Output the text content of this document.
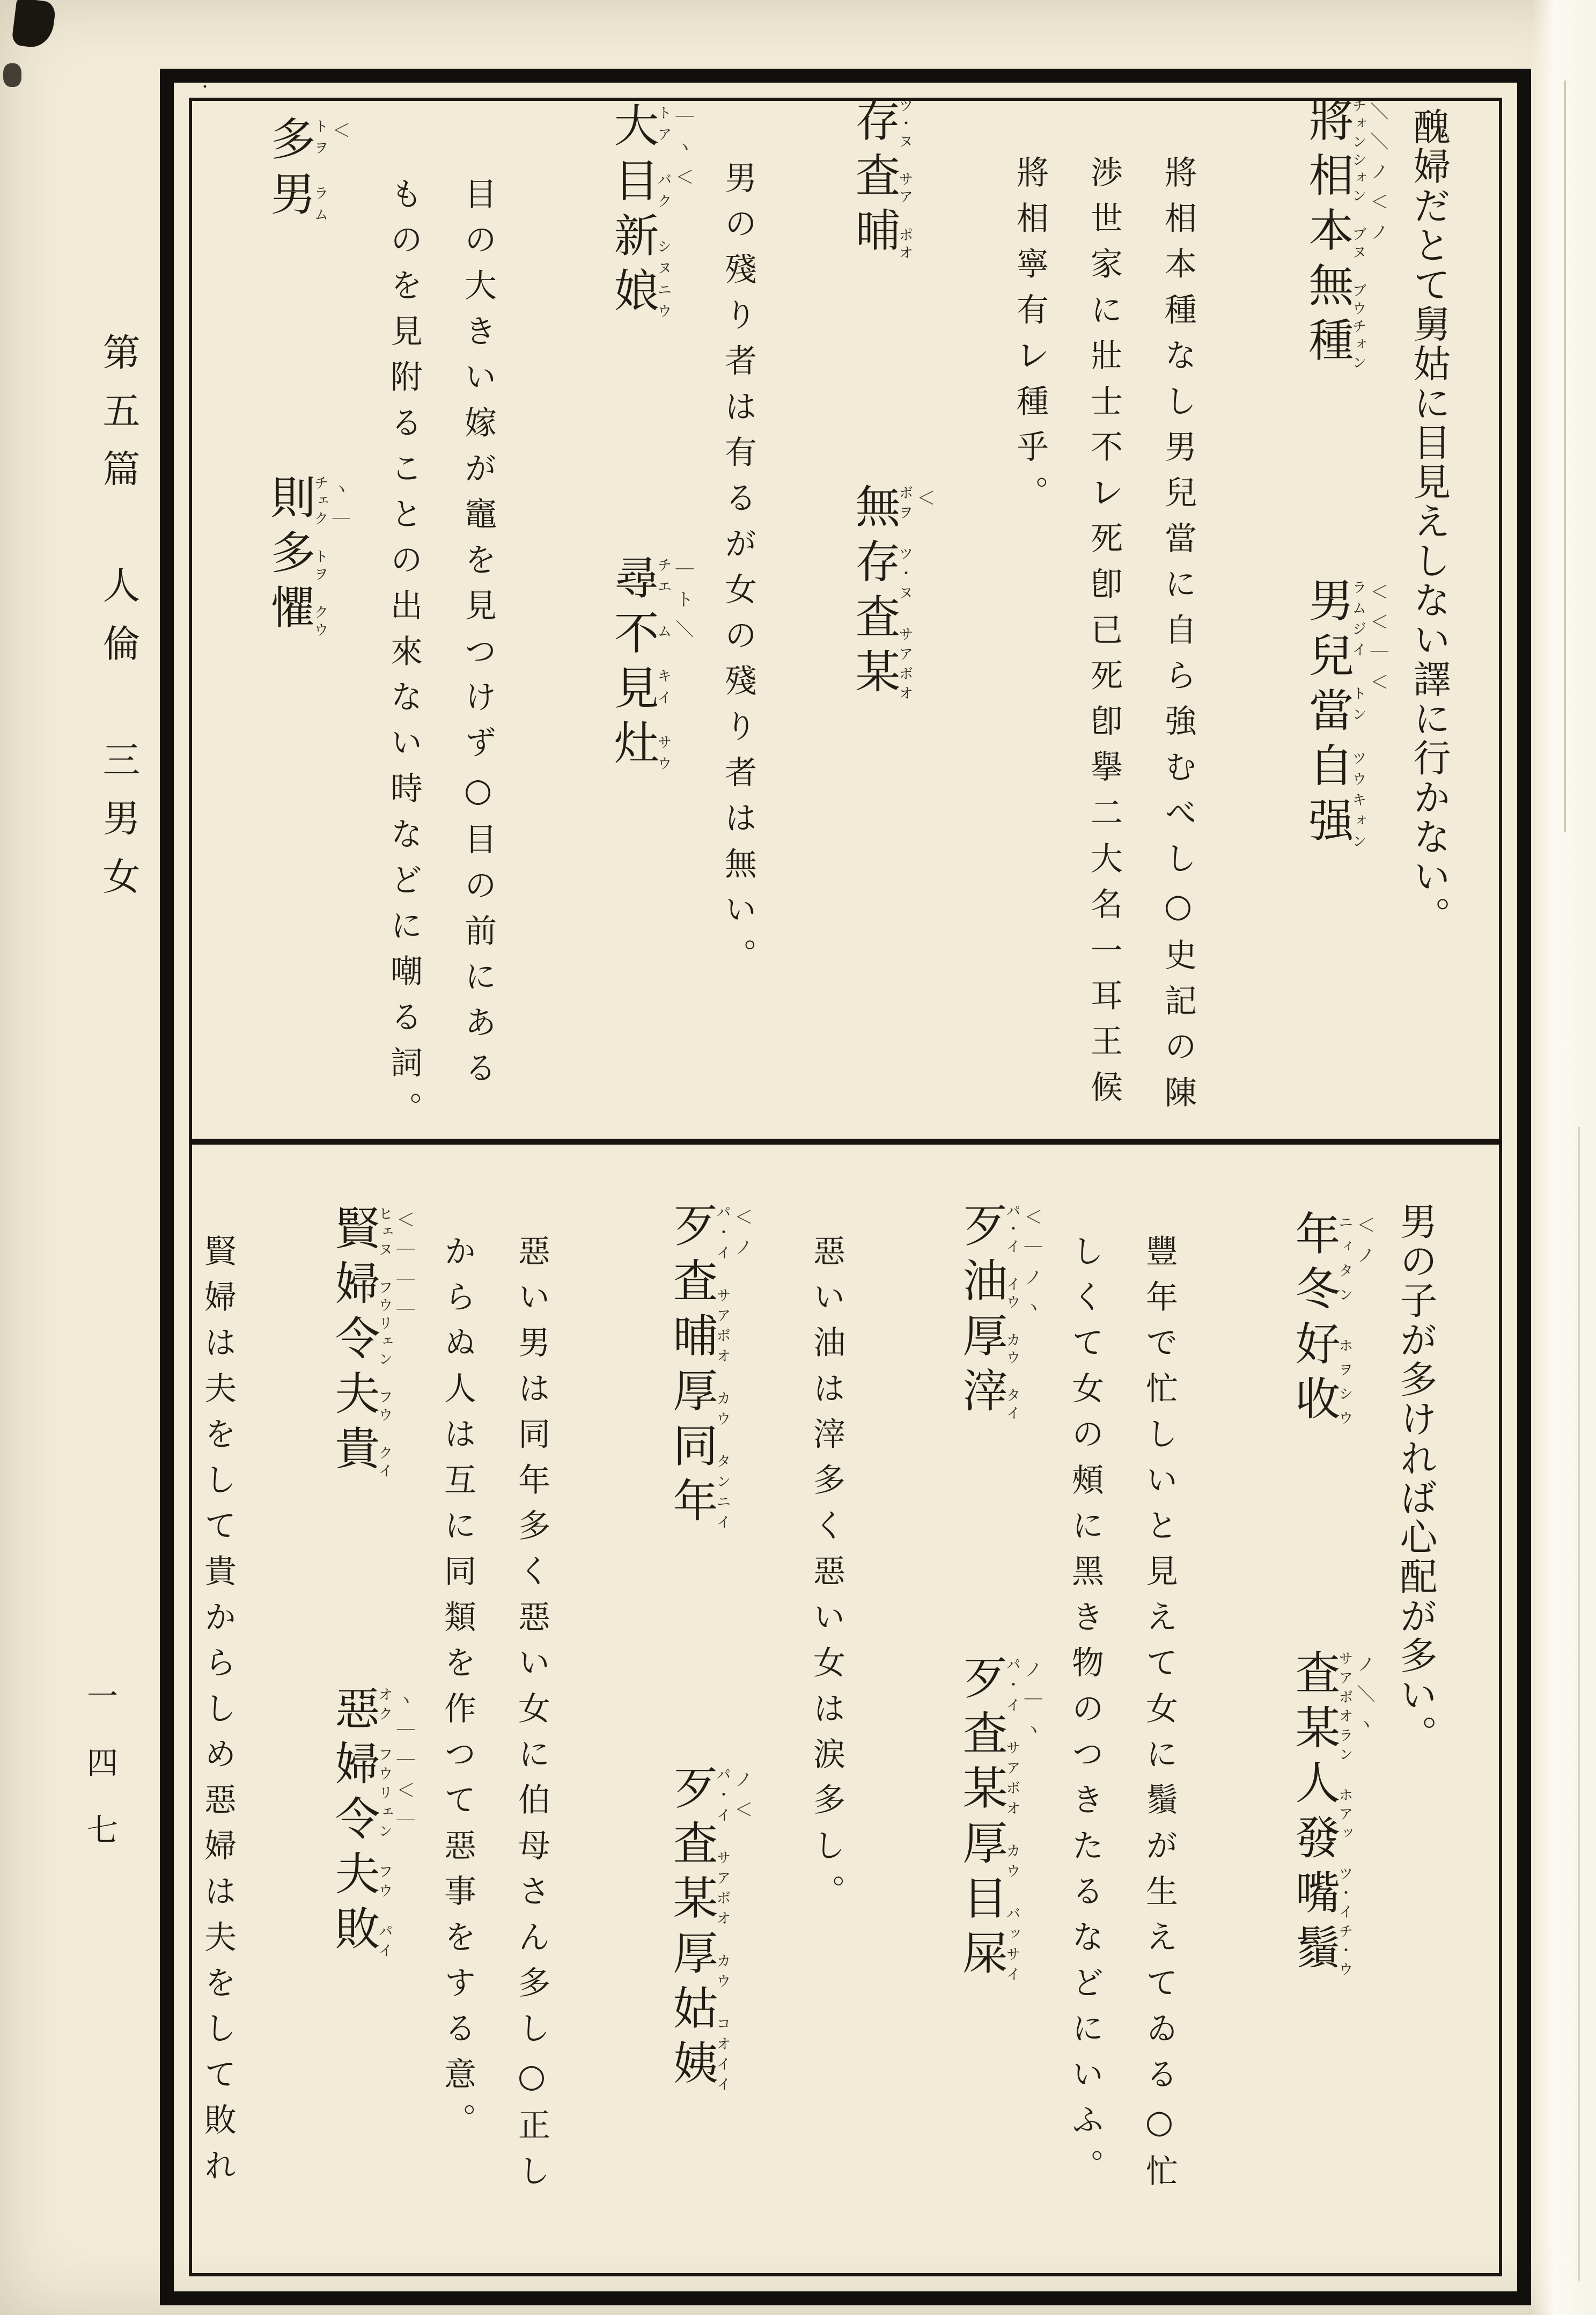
第五篇　人倫　三男女
一四七
醜婦だとて舅姑に目見えしない譯に行かない。
將相本無種チォンシォン ブヌ ブウチォン ＼＼ノ＜ノ
男兒當自强ラムジイ トン ツウキォン ＜＜｜＜
將相本種なし男兒當に自ら強むべし○史記の陳渉世家に壯士不㆑死卽已死卽擧㆓大名㆒耳王候將相寧有㆑種乎。
存査晡ツ・ヌ サア ポオ
無存査某ボヲ ツ・ヌ サアボオ ＜
男の殘り者は有るが女の殘り者は無い。
大目新娘トア バク シヌニウ ｜ヽ＜
尋不見灶チエ ム キイ サウ ｜ト＼
目の大きい嫁が竈を見つけず○目の前にあるものを見附ることの出來ない時などに嘲る詞。
・
多男トヲ ラム ＜
則多懼チェク トヲ クウ ヽ｜
男の子が多ければ心配が多い。
年冬好收ニィタン ホヲシウ ＜ノ
査某人發嘴鬚サアボオラン ホアッ ツ・イチ・ウ ノ＼ヽ
豐年で忙しいと見えて女に鬚が生えてゐる○忙しくて女の頰に黑き物のつきたるなどにいふ。
歹油厚滓パ・イ イウ カウ タイ ＜｜ノヽ
歹査某厚目屎パ・イ サアボオ カウ バッサイ ノ｜ヽ
惡い油は滓多く惡い女は涙多し。
歹査晡厚同年パ・イ サアポオ カウ タンニイ ＜ノ
歹査某厚姑姨パ・イ サアボオ カウ コオイイ ノ＜
惡い男は同年多く惡い女に伯母さん多し○正しからぬ人は互に同類を作つて惡事をする意。
賢婦令夫貴ヒェヌ フウリェン フウ クイ ＜｜｜｜
惡婦令夫敗オク フウリェン フウ パイ ヽ｜｜＜｜
賢婦は夫をして貴からしめ惡婦は夫をして敗れ
